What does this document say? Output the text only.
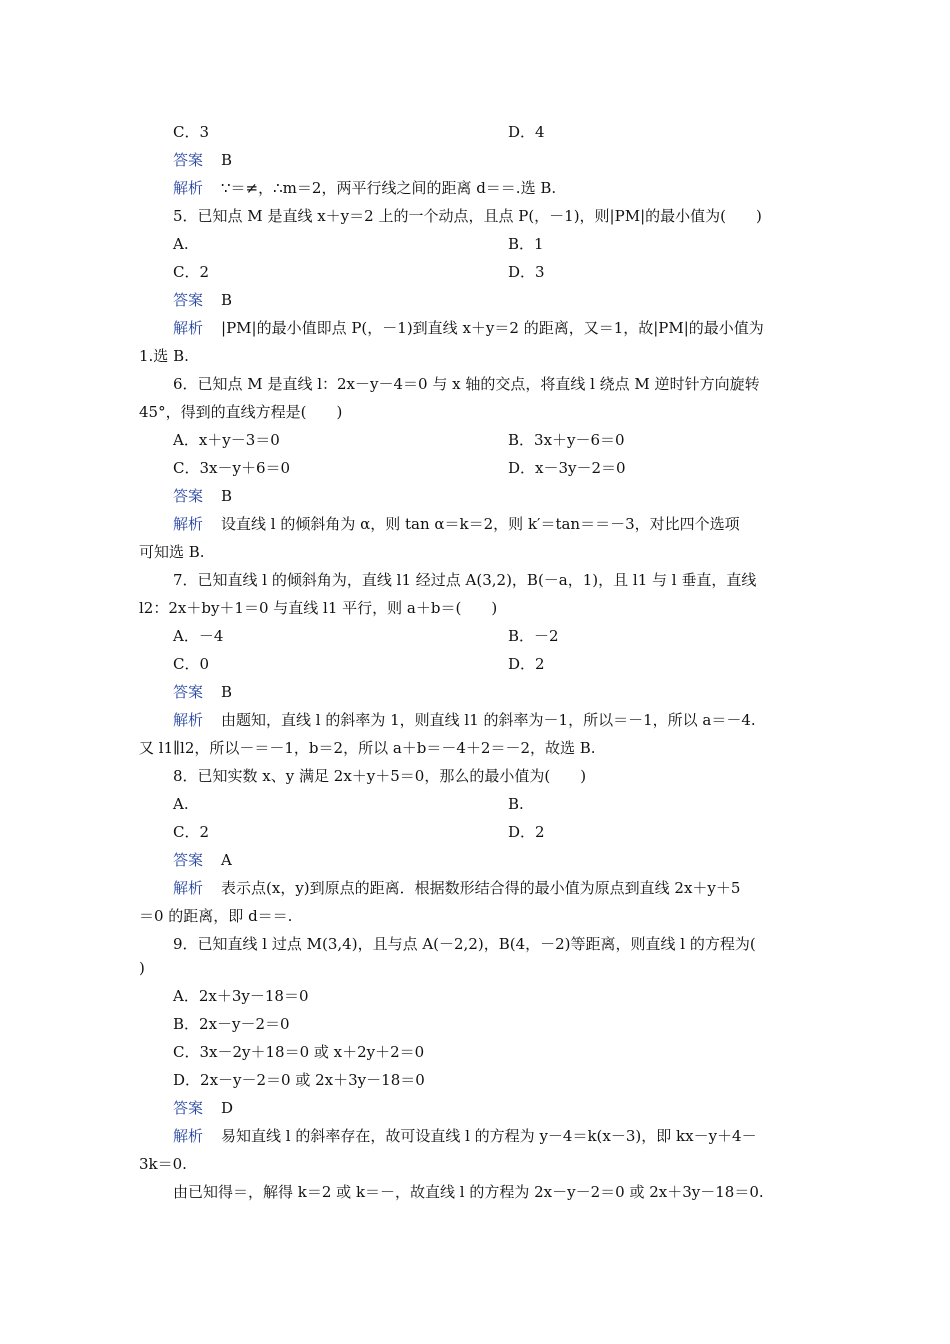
C．3	D．4
答案 B
解析 ∵＝≠，∴m＝2，两平行线之间的距离 d＝＝.选 B.
5．已知点 M 是直线 x＋y＝2 上的一个动点，且点 P(，－1)，则|PM|的最小值为(　　)
A.	B．1
C．2	D．3
答案 B
解析 |PM|的最小值即点 P(，－1)到直线 x＋y＝2 的距离，又＝1，故|PM|的最小值为
1.选 B.
6．已知点 M 是直线 l：2x－y－4＝0 与 x 轴的交点，将直线 l 绕点 M 逆时针方向旋转
45°，得到的直线方程是(　　)
A．x＋y－3＝0	B．3x＋y－6＝0
C．3x－y＋6＝0	D．x－3y－2＝0
答案 B
解析 设直线 l 的倾斜角为 α，则 tan α＝k＝2，则 k′＝tan＝＝－3，对比四个选项
可知选 B.
7．已知直线 l 的倾斜角为，直线 l1 经过点 A(3,2)，B(－a，1)，且 l1 与 l 垂直，直线
l2：2x＋by＋1＝0 与直线 l1 平行，则 a＋b＝(　　)
A．－4	B．－2
C．0	D．2
答案 B
解析 由题知，直线 l 的斜率为 1，则直线 l1 的斜率为－1，所以＝－1，所以 a＝－4.
又 l1∥l2，所以－＝－1，b＝2，所以 a＋b＝－4＋2＝－2，故选 B.
8．已知实数 x、y 满足 2x＋y＋5＝0，那么的最小值为(　　)
A.	B.
C．2	D．2
答案 A
解析 表示点(x，y)到原点的距离．根据数形结合得的最小值为原点到直线 2x＋y＋5
＝0 的距离，即 d＝＝.
9．已知直线 l 过点 M(3,4)，且与点 A(－2,2)，B(4，－2)等距离，则直线 l 的方程为(
)
A．2x＋3y－18＝0
B．2x－y－2＝0
C．3x－2y＋18＝0 或 x＋2y＋2＝0
D．2x－y－2＝0 或 2x＋3y－18＝0
答案 D
解析 易知直线 l 的斜率存在，故可设直线 l 的方程为 y－4＝k(x－3)，即 kx－y＋4－
3k＝0.
由已知得＝，解得 k＝2 或 k＝－，故直线 l 的方程为 2x－y－2＝0 或 2x＋3y－18＝0.
